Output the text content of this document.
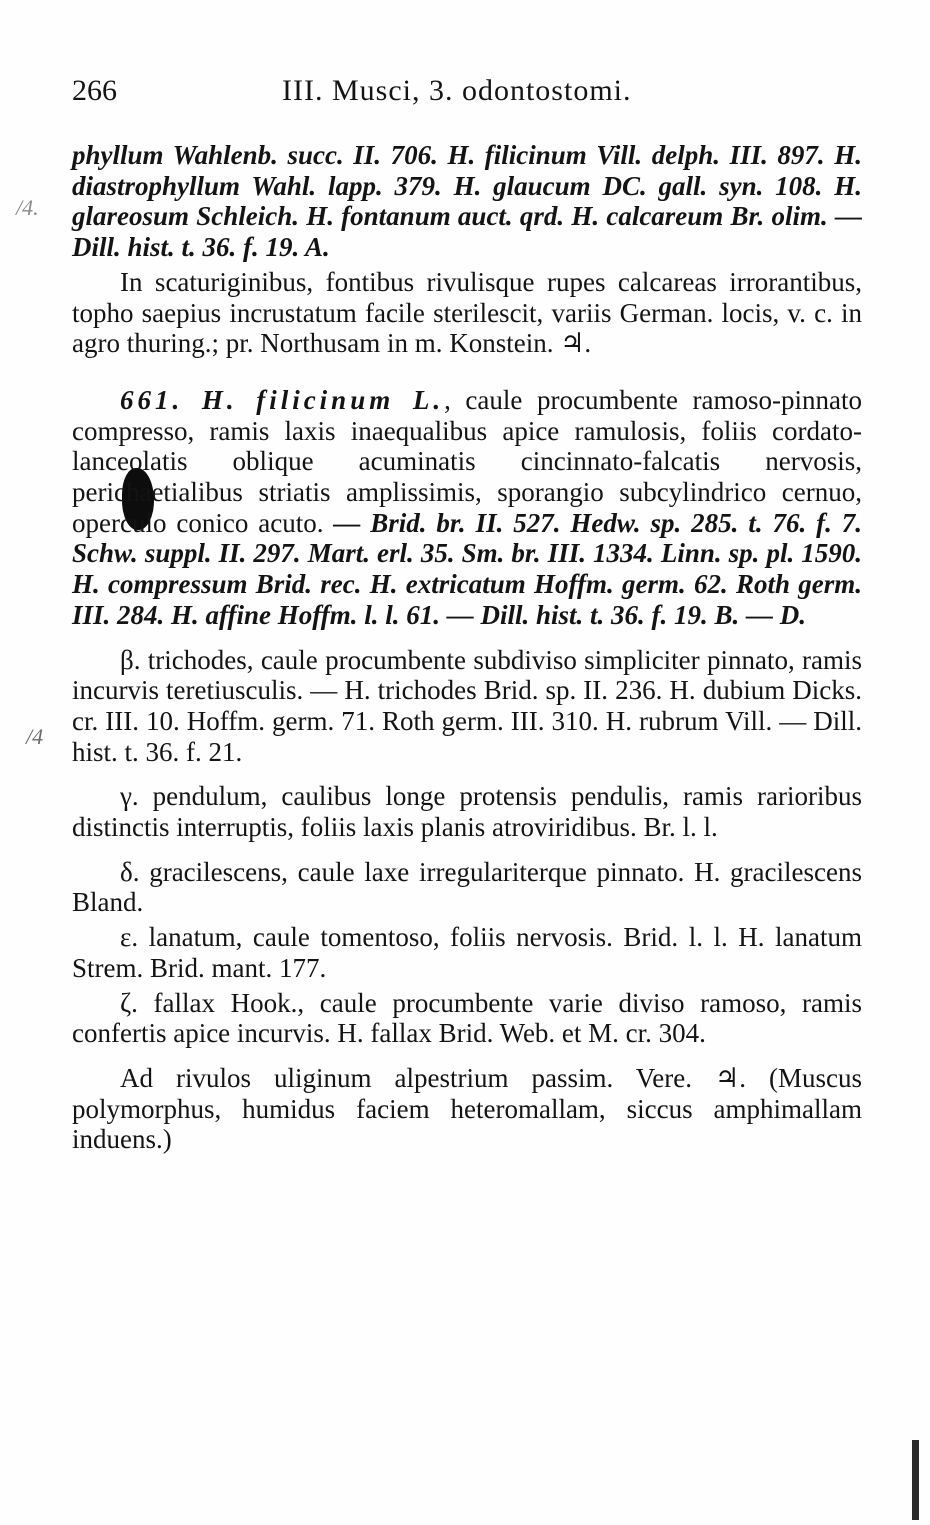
266	III. Musci, 3. odontostomi.
/4.
/4

phyllum Wahlenb. succ. II. 706. H. filicinum Vill. delph. III. 897. H. diastrophyllum Wahl. lapp. 379. H. glaucum DC. gall. syn. 108. H. glareosum Schleich. H. fontanum auct. qrd. H. calcareum Br. olim. — Dill. hist. t. 36. f. 19. A.

In scaturiginibus, fontibus rivulisque rupes calcareas irrorantibus, topho saepius incrustatum facile sterilescit, variis German. locis, v. c. in agro thuring.; pr. Northusam in m. Konstein. ♃.

661. H. filicinum L., caule procumbente ramoso-pinnato compresso, ramis laxis inaequalibus apice ramulosis, foliis cordato-lanceolatis oblique acuminatis cincinnato-falcatis nervosis, perichaetialibus striatis amplissimis, sporangio subcylindrico cernuo, operculo conico acuto. — Brid. br. II. 527. Hedw. sp. 285. t. 76. f. 7. Schw. suppl. II. 297. Mart. erl. 35. Sm. br. III. 1334. Linn. sp. pl. 1590. H. compressum Brid. rec. H. extricatum Hoffm. germ. 62. Roth germ. III. 284. H. affine Hoffm. l. l. 61. — Dill. hist. t. 36. f. 19. B. — D.

β. trichodes, caule procumbente subdiviso simpliciter pinnato, ramis incurvis teretiusculis. — H. trichodes Brid. sp. II. 236. H. dubium Dicks. cr. III. 10. Hoffm. germ. 71. Roth germ. III. 310. H. rubrum Vill. — Dill. hist. t. 36. f. 21.

γ. pendulum, caulibus longe protensis pendulis, ramis rarioribus distinctis interruptis, foliis laxis planis atroviridibus. Br. l. l.

δ. gracilescens, caule laxe irregulariterque pinnato. H. gracilescens Bland.

ε. lanatum, caule tomentoso, foliis nervosis. Brid. l. l. H. lanatum Strem. Brid. mant. 177.

ζ. fallax Hook., caule procumbente varie diviso ramoso, ramis confertis apice incurvis. H. fallax Brid. Web. et M. cr. 304.

Ad rivulos uliginum alpestrium passim. Vere. ♃. (Muscus polymorphus, humidus faciem heteromallam, siccus amphimallam induens.)
